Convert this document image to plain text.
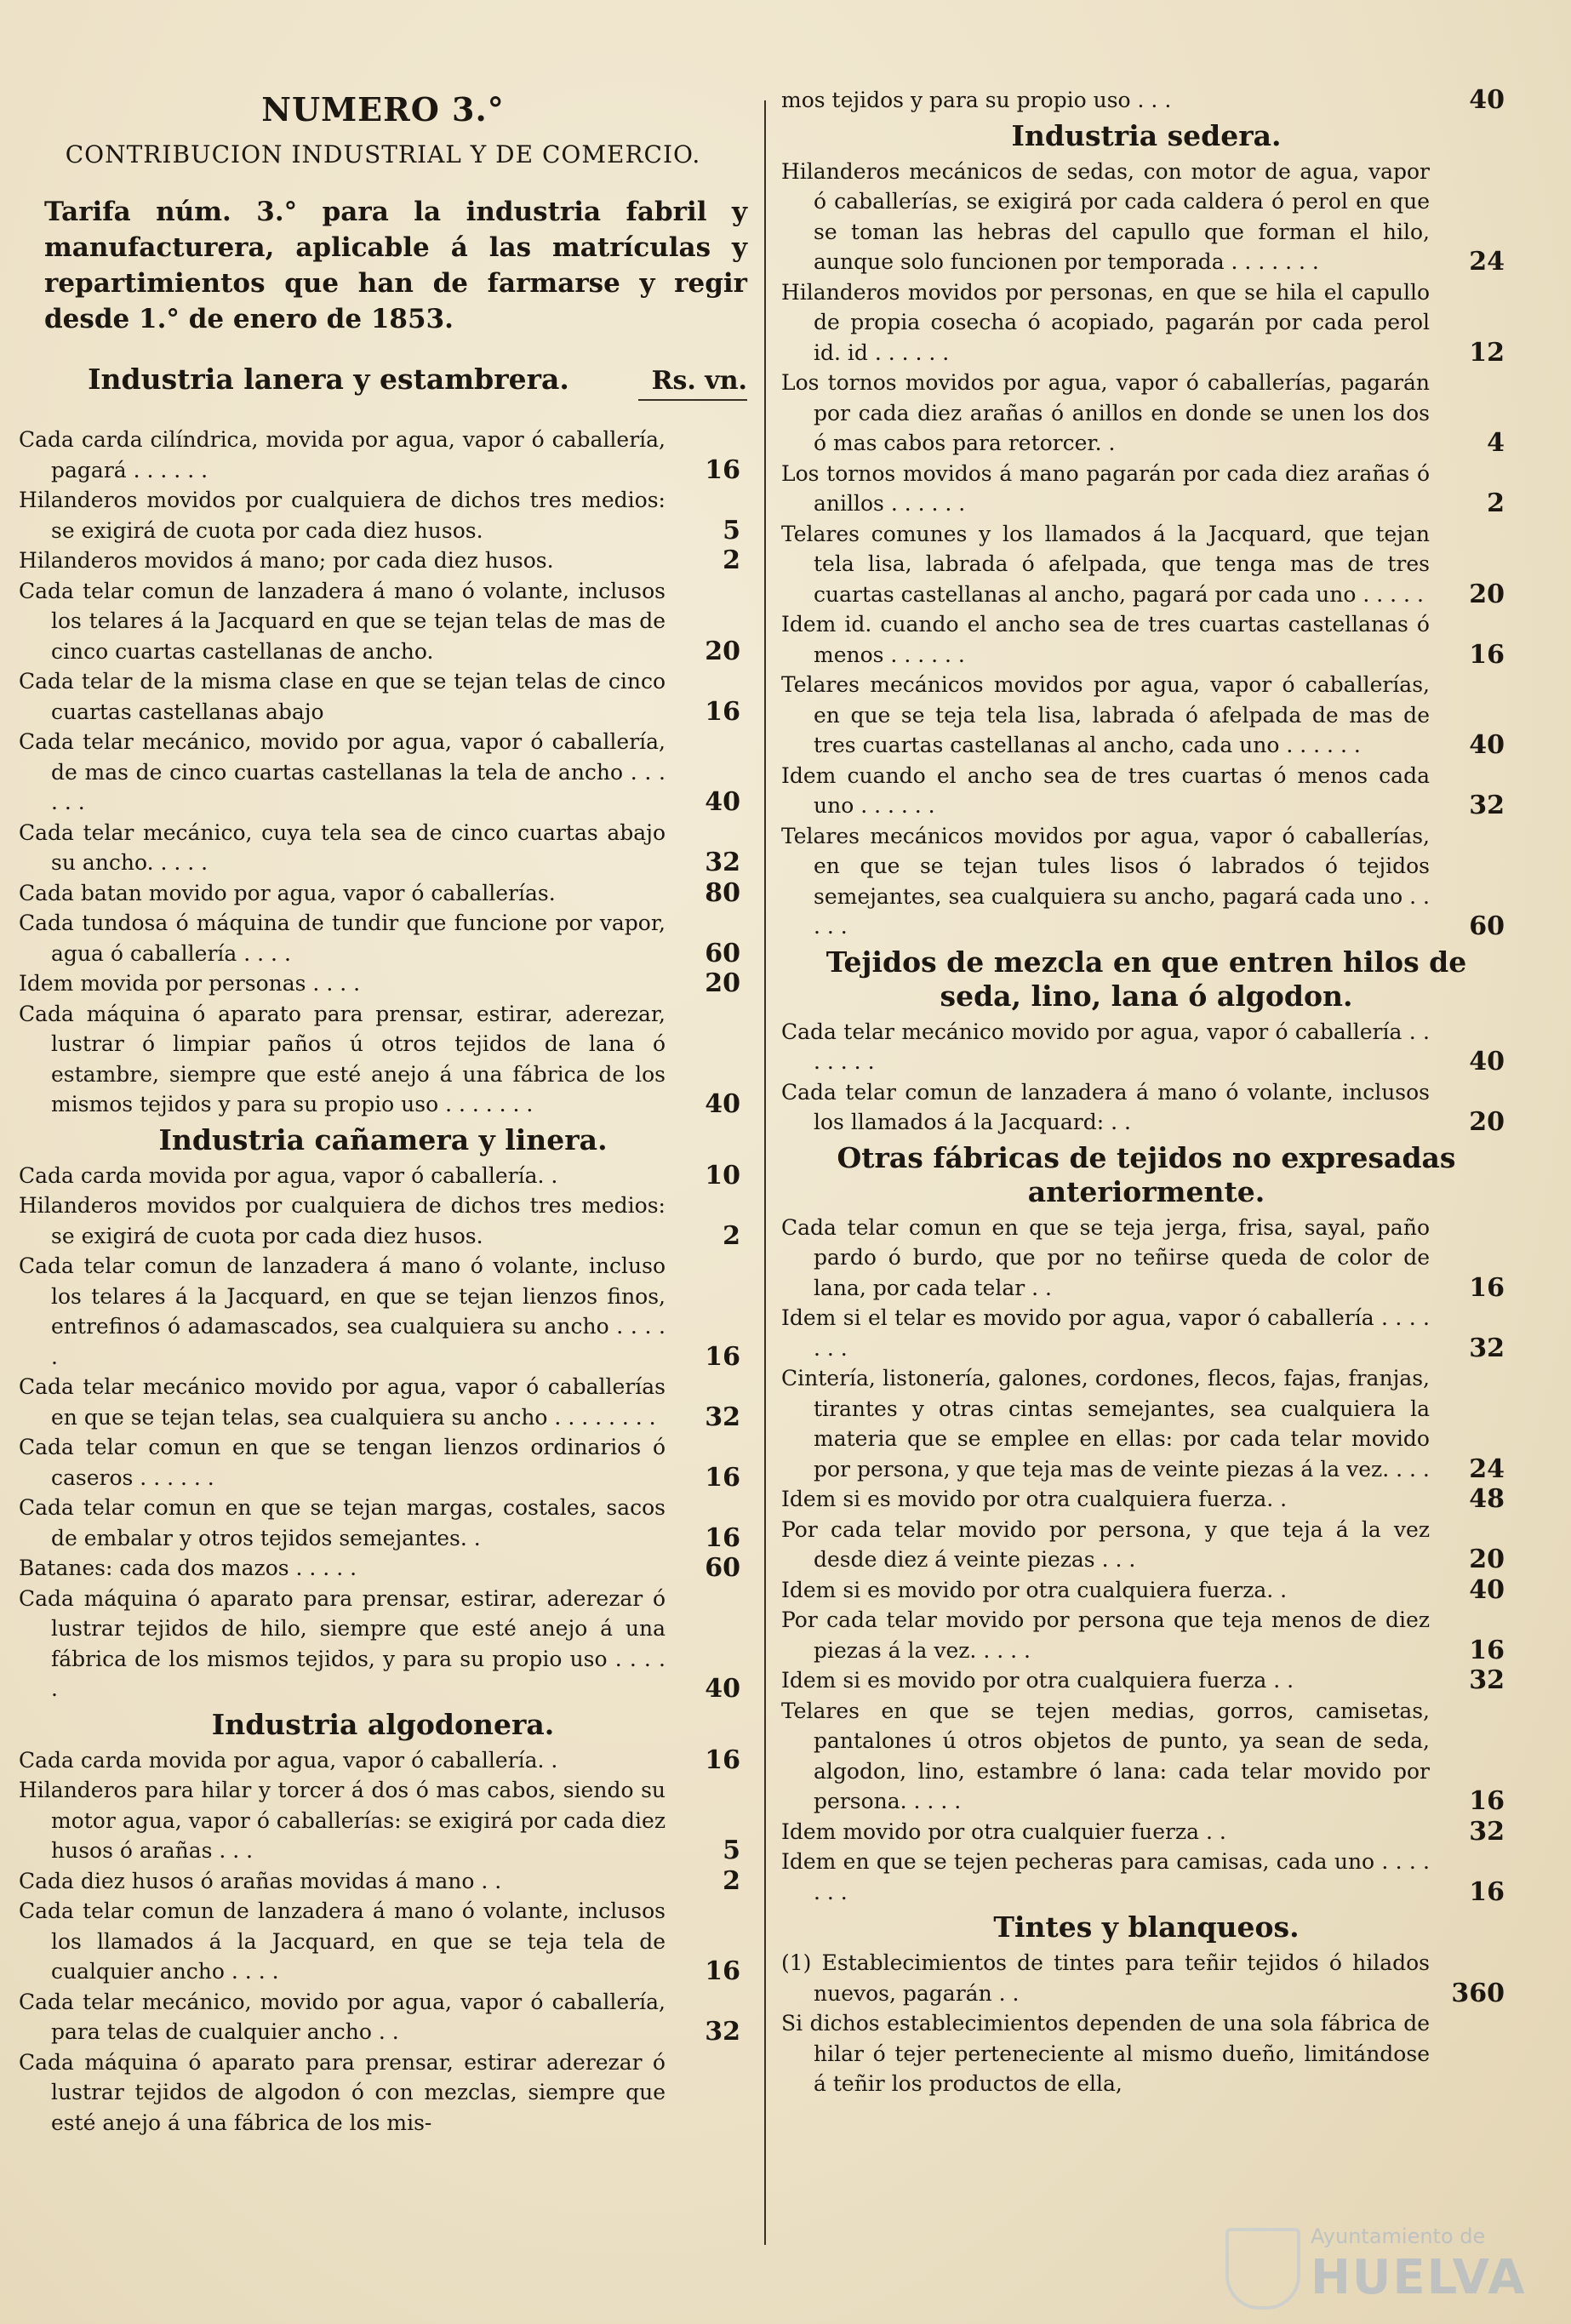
NUMERO 3.°
CONTRIBUCION INDUSTRIAL Y DE COMERCIO.
Tarifa núm. 3.° para la industria fabril y manufacturera, aplicable á las matrículas y repartimientos que han de farmarse y regir desde 1.° de enero de 1853.
Industria lanera y estambrera.	Rs. vn.
Cada carda cilíndrica, movida por agua, vapor ó caballería, pagará . . . . . .	16
Hilanderos movidos por cualquiera de dichos tres medios: se exigirá de cuota por cada diez husos.	5
Hilanderos movidos á mano; por cada diez husos.	2
Cada telar comun de lanzadera á mano ó volante, inclusos los telares á la Jacquard en que se tejan telas de mas de cinco cuartas castellanas de ancho.	20
Cada telar de la misma clase en que se tejan telas de cinco cuartas castellanas abajo	16
Cada telar mecánico, movido por agua, vapor ó caballería, de mas de cinco cuartas castellanas la tela de ancho . . . . . .	40
Cada telar mecánico, cuya tela sea de cinco cuartas abajo su ancho. . . . .	32
Cada batan movido por agua, vapor ó caballerías.	80
Cada tundosa ó máquina de tundir que funcione por vapor, agua ó caballería . . . .	60
Idem movida por personas . . . .	20
Cada máquina ó aparato para prensar, estirar, aderezar, lustrar ó limpiar paños ú otros tejidos de lana ó estambre, siempre que esté anejo á una fábrica de los mismos tejidos y para su propio uso . . . . . . .	40
Industria cañamera y linera.
Cada carda movida por agua, vapor ó caballería. .	10
Hilanderos movidos por cualquiera de dichos tres medios: se exigirá de cuota por cada diez husos.	2
Cada telar comun de lanzadera á mano ó volante, incluso los telares á la Jacquard, en que se tejan lienzos finos, entrefinos ó adamascados, sea cualquiera su ancho . . . . .	16
Cada telar mecánico movido por agua, vapor ó caballerías en que se tejan telas, sea cualquiera su ancho . . . . . . . .	32
Cada telar comun en que se tengan lienzos ordinarios ó caseros . . . . . .	16
Cada telar comun en que se tejan margas, costales, sacos de embalar y otros tejidos semejantes. .	16
Batanes: cada dos mazos . . . . .	60
Cada máquina ó aparato para prensar, estirar, aderezar ó lustrar tejidos de hilo, siempre que esté anejo á una fábrica de los mismos tejidos, y para su propio uso . . . . .	40
Industria algodonera.
Cada carda movida por agua, vapor ó caballería. .	16
Hilanderos para hilar y torcer á dos ó mas cabos, siendo su motor agua, vapor ó caballerías: se exigirá por cada diez husos ó arañas . . .	5
Cada diez husos ó arañas movidas á mano . .	2
Cada telar comun de lanzadera á mano ó volante, inclusos los llamados á la Jacquard, en que se teja tela de cualquier ancho . . . .	16
Cada telar mecánico, movido por agua, vapor ó caballería, para telas de cualquier ancho . .	32
Cada máquina ó aparato para prensar, estirar aderezar ó lustrar tejidos de algodon ó con mezclas, siempre que esté anejo á una fábrica de los mis-
mos tejidos y para su propio uso . . .	40
Industria sedera.
Hilanderos mecánicos de sedas, con motor de agua, vapor ó caballerías, se exigirá por cada caldera ó perol en que se toman las hebras del capullo que forman el hilo, aunque solo funcionen por temporada . . . . . . .	24
Hilanderos movidos por personas, en que se hila el capullo de propia cosecha ó acopiado, pagarán por cada perol id. id . . . . . .	12
Los tornos movidos por agua, vapor ó caballerías, pagarán por cada diez arañas ó anillos en donde se unen los dos ó mas cabos para retorcer. .	4
Los tornos movidos á mano pagarán por cada diez arañas ó anillos . . . . . .	2
Telares comunes y los llamados á la Jacquard, que tejan tela lisa, labrada ó afelpada, que tenga mas de tres cuartas castellanas al ancho, pagará por cada uno . . . . .	20
Idem id. cuando el ancho sea de tres cuartas castellanas ó menos . . . . . .	16
Telares mecánicos movidos por agua, vapor ó caballerías, en que se teja tela lisa, labrada ó afelpada de mas de tres cuartas castellanas al ancho, cada uno . . . . . .	40
Idem cuando el ancho sea de tres cuartas ó menos cada uno . . . . . .	32
Telares mecánicos movidos por agua, vapor ó caballerías, en que se tejan tules lisos ó labrados ó tejidos semejantes, sea cualquiera su ancho, pagará cada uno . . . . .	60
Tejidos de mezcla en que entren hilos de seda, lino, lana ó algodon.
Cada telar mecánico movido por agua, vapor ó caballería . . . . . . .	40
Cada telar comun de lanzadera á mano ó volante, inclusos los llamados á la Jacquard: . .	20
Otras fábricas de tejidos no expresadas anteriormente.
Cada telar comun en que se teja jerga, frisa, sayal, paño pardo ó burdo, que por no teñirse queda de color de lana, por cada telar . .	16
Idem si el telar es movido por agua, vapor ó caballería . . . . . . .	32
Cintería, listonería, galones, cordones, flecos, fajas, franjas, tirantes y otras cintas semejantes, sea cualquiera la materia que se emplee en ellas: por cada telar movido por persona, y que teja mas de veinte piezas á la vez. . . .	24
Idem si es movido por otra cualquiera fuerza. .	48
Por cada telar movido por persona, y que teja á la vez desde diez á veinte piezas . . .	20
Idem si es movido por otra cualquiera fuerza. .	40
Por cada telar movido por persona que teja menos de diez piezas á la vez. . . . .	16
Idem si es movido por otra cualquiera fuerza . .	32
Telares en que se tejen medias, gorros, camisetas, pantalones ú otros objetos de punto, ya sean de seda, algodon, lino, estambre ó lana: cada telar movido por persona. . . . .	16
Idem movido por otra cualquier fuerza . .	32
Idem en que se tejen pecheras para camisas, cada uno . . . . . . .	16
Tintes y blanqueos.
(1) Establecimientos de tintes para teñir tejidos ó hilados nuevos, pagarán . .	360
Si dichos establecimientos dependen de una sola fábrica de hilar ó tejer perteneciente al mismo dueño, limitándose á teñir los productos de ella,
Ayuntamiento de
HUELVA
